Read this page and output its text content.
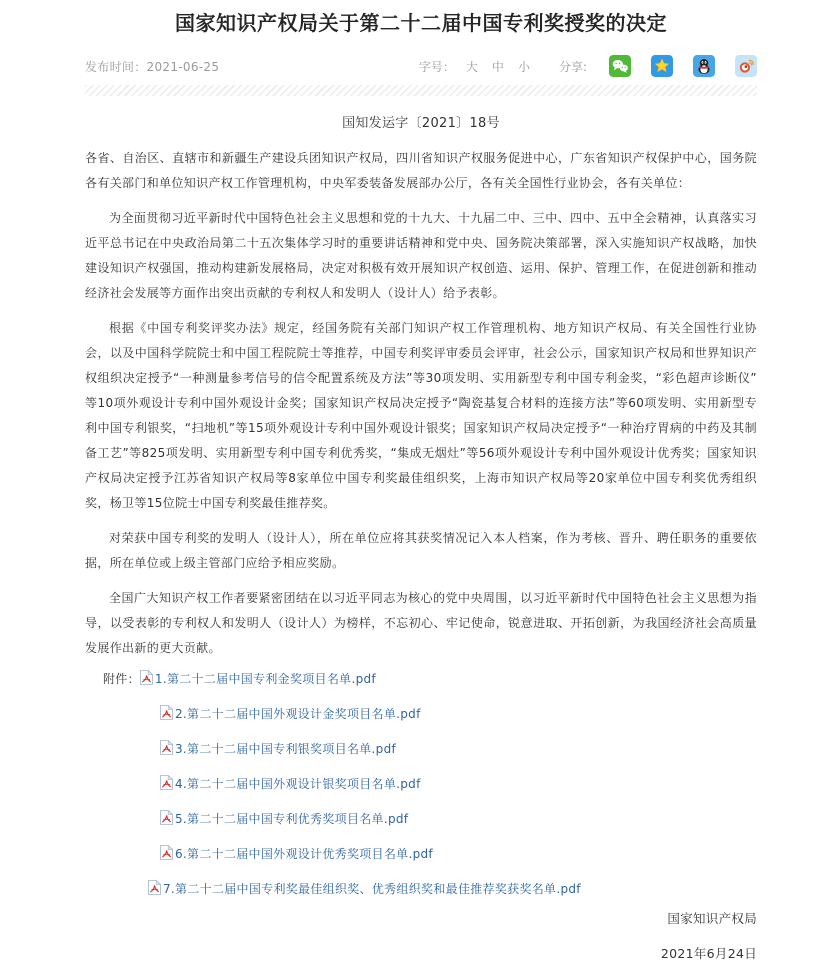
国家知识产权局关于第二十二届中国专利奖授奖的决定
发布时间：2021-06-25	字号： 大 中 小 分享:
国知发运字〔2021〕18号

各省、自治区、直辖市和新疆生产建设兵团知识产权局，四川省知识产权服务促进中心，广东省知识产权保护中心，国务院各有关部门和单位知识产权工作管理机构，中央军委装备发展部办公厅，各有关全国性行业协会，各有关单位：

为全面贯彻习近平新时代中国特色社会主义思想和党的十九大、十九届二中、三中、四中、五中全会精神，认真落实习近平总书记在中央政治局第二十五次集体学习时的重要讲话精神和党中央、国务院决策部署，深入实施知识产权战略，加快建设知识产权强国，推动构建新发展格局，决定对积极有效开展知识产权创造、运用、保护、管理工作，在促进创新和推动经济社会发展等方面作出突出贡献的专利权人和发明人（设计人）给予表彰。

根据《中国专利奖评奖办法》规定，经国务院有关部门知识产权工作管理机构、地方知识产权局、有关全国性行业协会，以及中国科学院院士和中国工程院院士等推荐，中国专利奖评审委员会评审，社会公示，国家知识产权局和世界知识产权组织决定授予“一种测量参考信号的信令配置系统及方法”等30项发明、实用新型专利中国专利金奖，“彩色超声诊断仪”等10项外观设计专利中国外观设计金奖；国家知识产权局决定授予“陶瓷基复合材料的连接方法”等60项发明、实用新型专利中国专利银奖，“扫地机”等15项外观设计专利中国外观设计银奖；国家知识产权局决定授予“一种治疗胃病的中药及其制备工艺”等825项发明、实用新型专利中国专利优秀奖，“集成无烟灶”等56项外观设计专利中国外观设计优秀奖；国家知识产权局决定授予江苏省知识产权局等8家单位中国专利奖最佳组织奖，上海市知识产权局等20家单位中国专利奖优秀组织奖，杨卫等15位院士中国专利奖最佳推荐奖。

对荣获中国专利奖的发明人（设计人），所在单位应将其获奖情况记入本人档案，作为考核、晋升、聘任职务的重要依据，所在单位或上级主管部门应给予相应奖励。

全国广大知识产权工作者要紧密团结在以习近平同志为核心的党中央周围，以习近平新时代中国特色社会主义思想为指导，以受表彰的专利权人和发明人（设计人）为榜样，不忘初心、牢记使命，锐意进取、开拓创新，为我国经济社会高质量发展作出新的更大贡献。

附件： 1.第二十二届中国专利金奖项目名单.pdf
2.第二十二届中国外观设计金奖项目名单.pdf
3.第二十二届中国专利银奖项目名单.pdf
4.第二十二届中国外观设计银奖项目名单.pdf
5.第二十二届中国专利优秀奖项目名单.pdf
6.第二十二届中国外观设计优秀奖项目名单.pdf
7.第二十二届中国专利奖最佳组织奖、优秀组织奖和最佳推荐奖获奖名单.pdf
国家知识产权局
2021年6月24日
